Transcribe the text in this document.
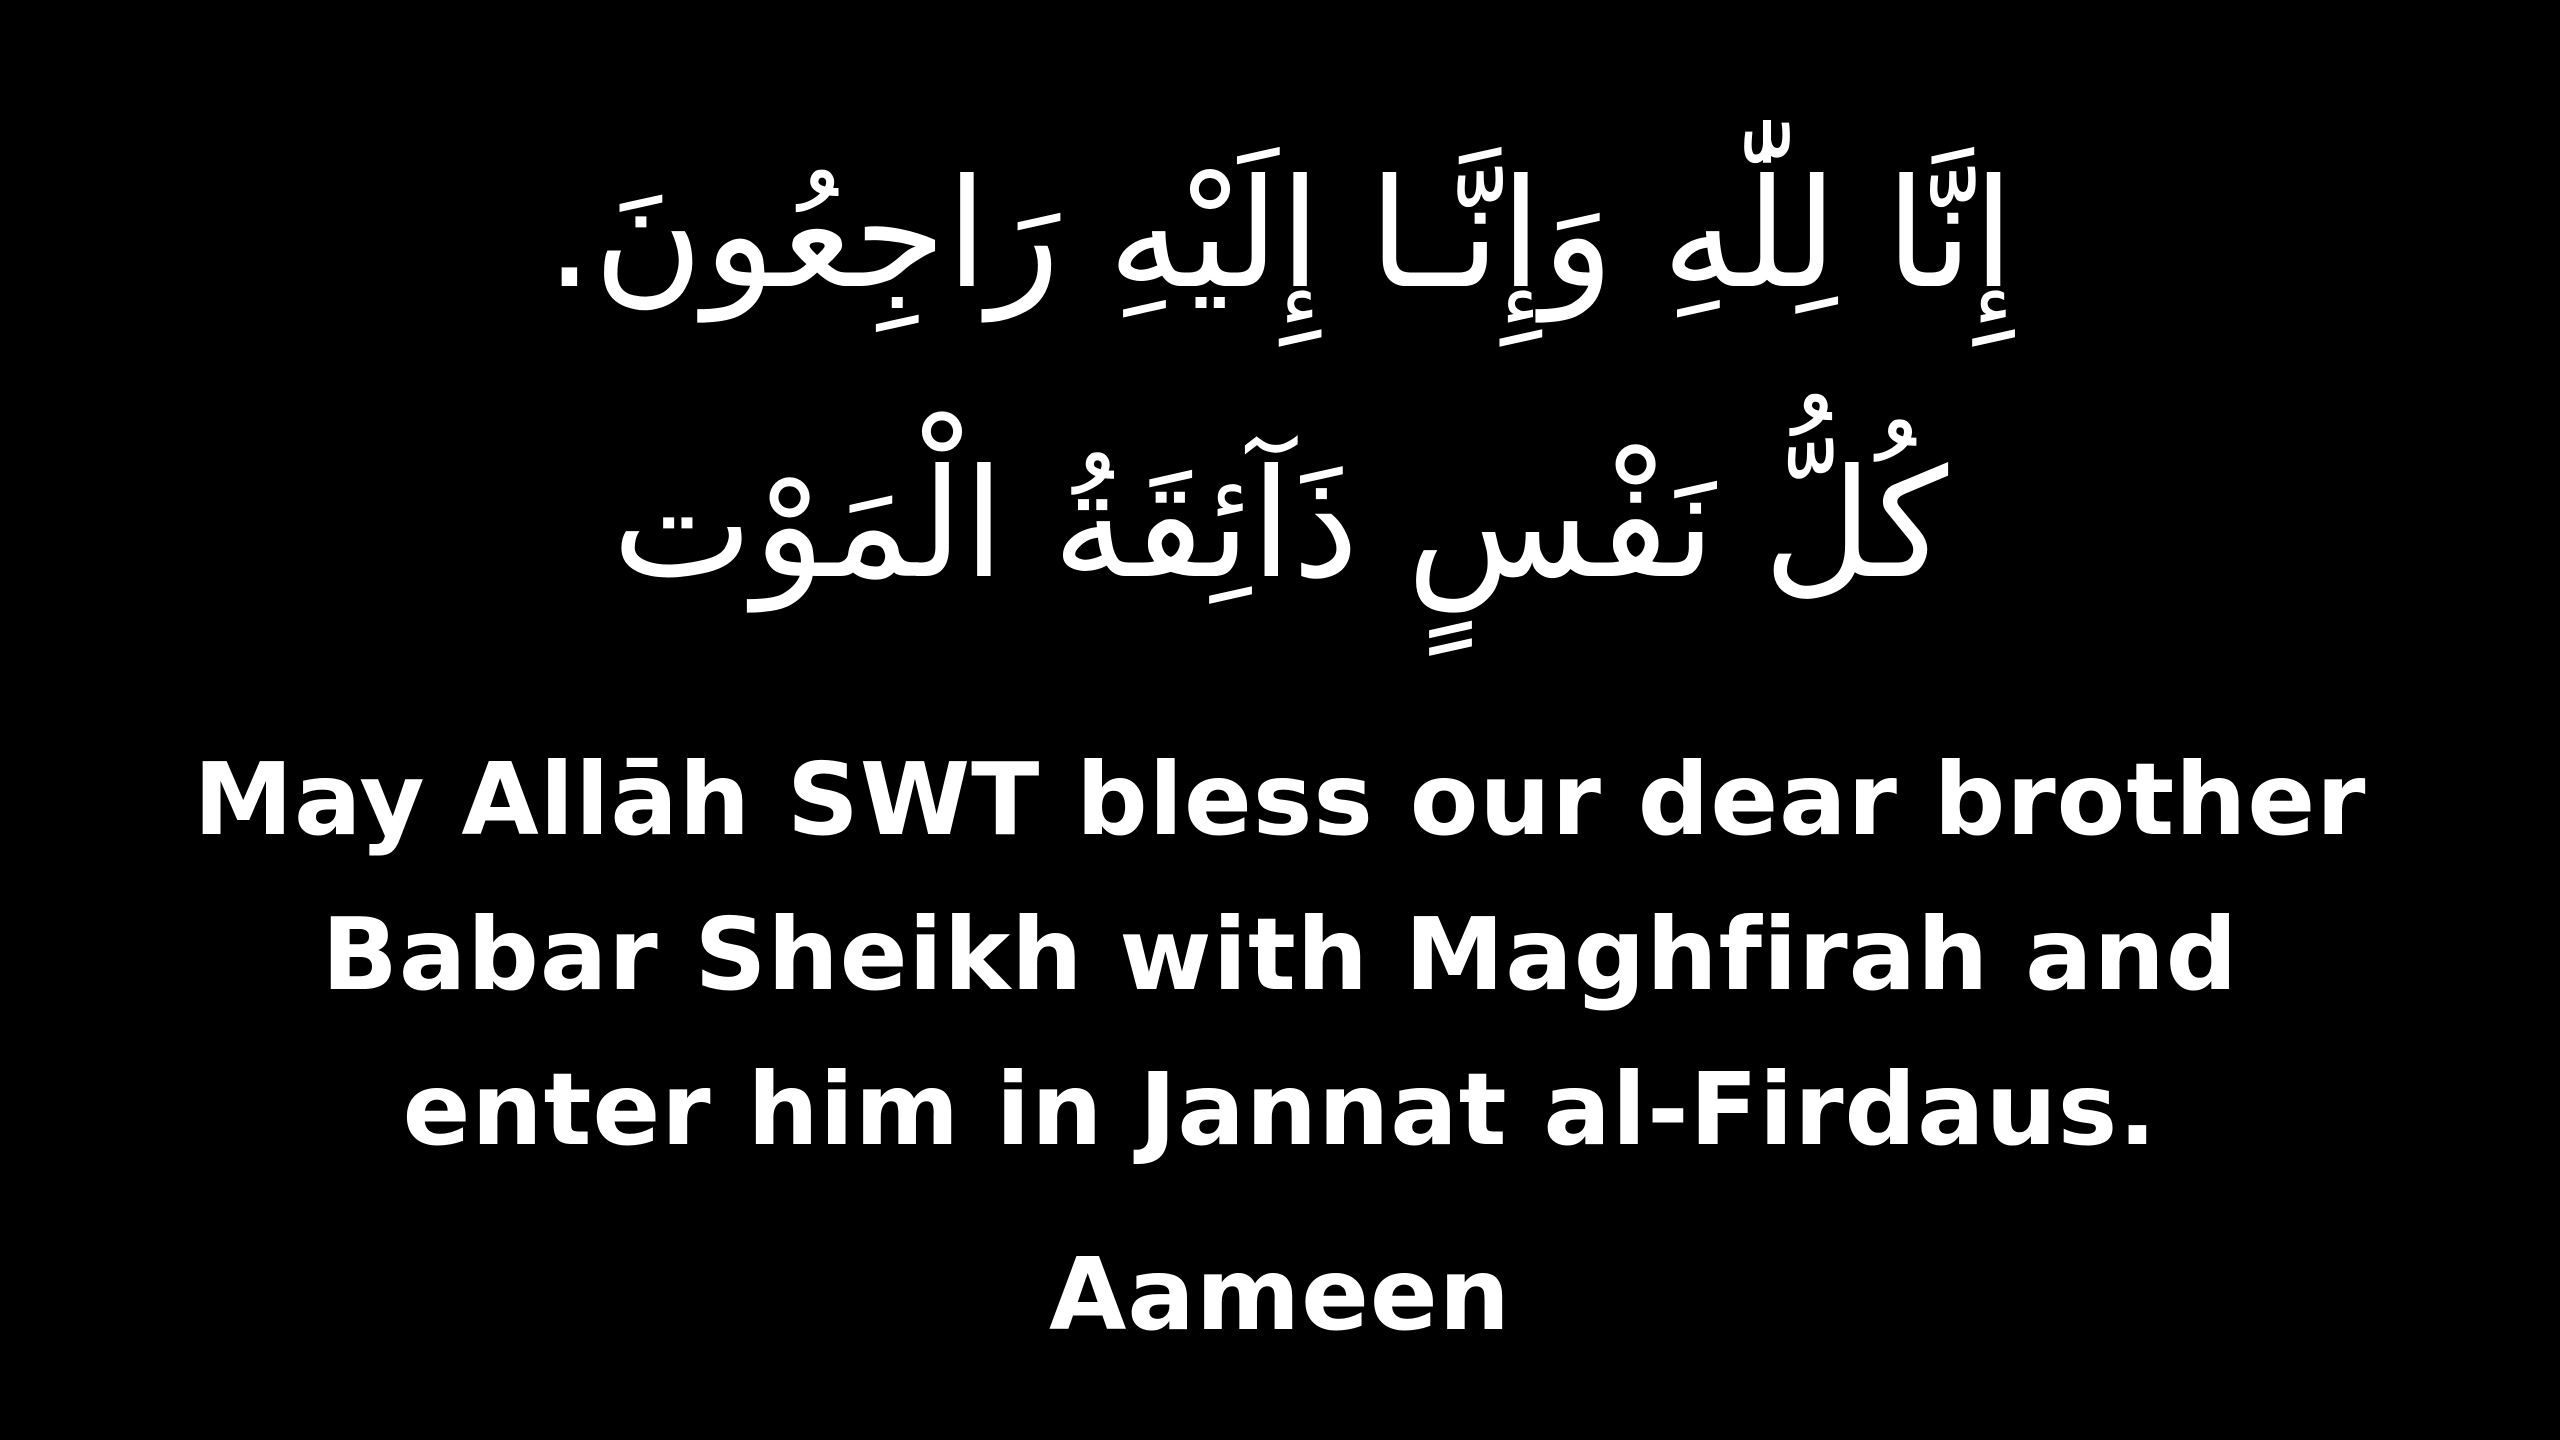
إِنَّا لِلّٰهِ وَإِنَّـا إِلَيْهِ رَاجِعُونَ.
كُلُّ نَفْسٍ ذَآئِقَةُ الْمَوْت
May Allāh SWT bless our dear brother
Babar Sheikh with Maghfirah and
enter him in Jannat al-Firdaus.
Aameen
